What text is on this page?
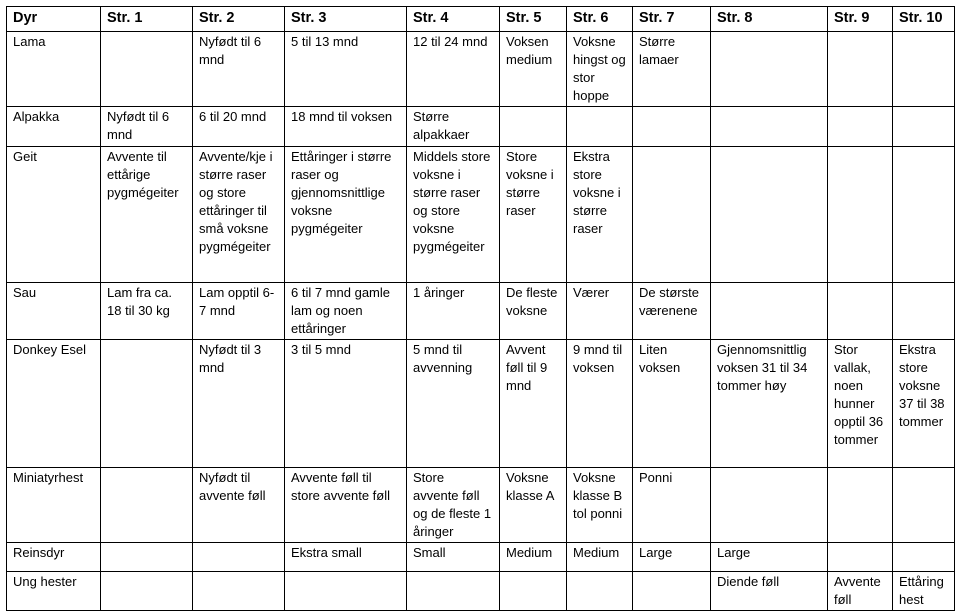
Dyr	Str. 1	Str. 2	Str. 3	Str. 4	Str. 5	Str. 6	Str. 7	Str. 8	Str. 9	Str. 10

Lama		Nyfødt til 6 mnd	5 til 13 mnd	12 til 24 mnd	Voksen medium	Voksne hingst og stor hoppe	Større lamaer			

Alpakka	Nyfødt til 6 mnd	6 til 20 mnd	18 mnd til voksen	Større alpakkaer						

Geit	Avvente til ettårige pygmégeiter	Avvente/kje i større raser og store ettåringer til små voksne pygmégeiter	Ettåringer i større raser og gjennomsnittlige voksne pygmégeiter	Middels store voksne i større raser og store voksne pygmégeiter	Store voksne i større raser	Ekstra store voksne i større raser				

Sau	Lam fra ca. 18 til 30 kg	Lam opptil 6-7 mnd	6 til 7 mnd gamle lam og noen ettåringer	1 åringer	De fleste voksne	Værer	De største værenene			

Donkey Esel		Nyfødt til 3 mnd	3 til 5 mnd	5 mnd til avvenning	Avvent føll til 9 mnd	9 mnd til voksen	Liten voksen	Gjennomsnittlig voksen 31 til 34 tommer høy	Stor vallak, noen hunner opptil 36 tommer	Ekstra store voksne 37 til 38 tommer

Miniatyrhest		Nyfødt til avvente føll	Avvente føll til store avvente føll	Store avvente føll og de fleste 1 åringer	Voksne klasse A	Voksne klasse B tol ponni	Ponni			

Reinsdyr			Ekstra small	Small	Medium	Medium	Large	Large		

Ung hester								Diende føll	Avvente føll	Ettåring hest
